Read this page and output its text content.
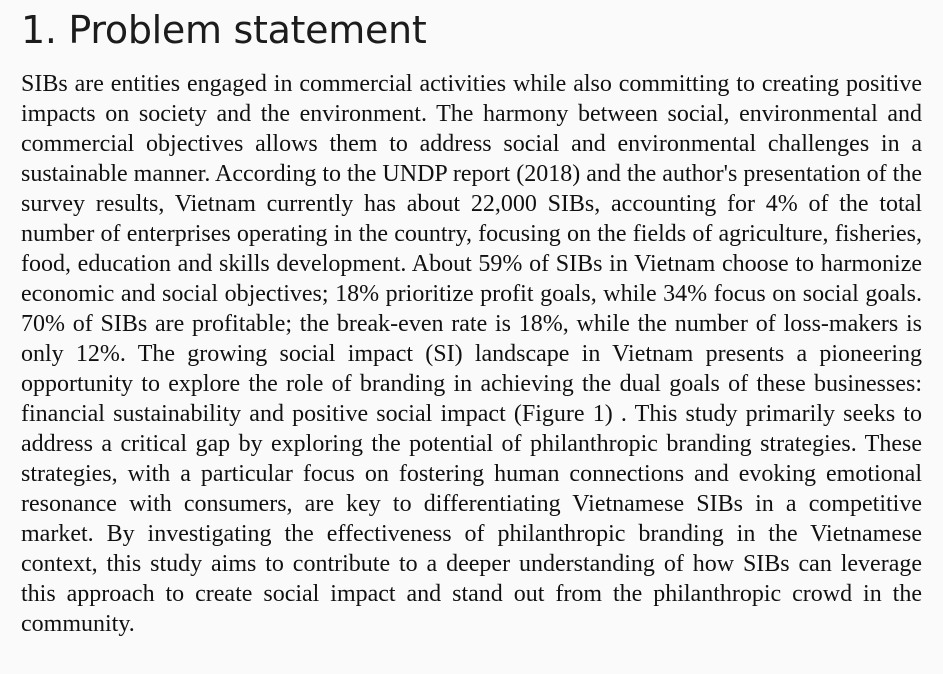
1. Problem statement

SIBs are entities engaged in commercial activities while also committing to creating positive impacts on society and the environment. The harmony between social, environmental and commercial objectives allows them to address social and environmental challenges in a sustainable manner. According to the UNDP report (2018) and the author's presentation of the survey results, Vietnam currently has about 22,000 SIBs, accounting for 4% of the total number of enterprises operating in the country, focusing on the fields of agriculture, fisheries, food, education and skills development. About 59% of SIBs in Vietnam choose to harmonize economic and social objectives; 18% prioritize profit goals, while 34% focus on social goals. 70% of SIBs are profitable; the break-even rate is 18%, while the number of loss-makers is only 12%. The growing social impact (SI) landscape in Vietnam presents a pioneering opportunity to explore the role of branding in achieving the dual goals of these businesses: financial sustainability and positive social impact (Figure 1) . This study primarily seeks to address a critical gap by exploring the potential of philanthropic branding strategies. These strategies, with a particular focus on fostering human connections and evoking emotional resonance with consumers, are key to differentiating Vietnamese SIBs in a competitive market. By investigating the effectiveness of philanthropic branding in the Vietnamese context, this study aims to contribute to a deeper understanding of how SIBs can leverage this approach to create social impact and stand out from the philanthropic crowd in the community.
